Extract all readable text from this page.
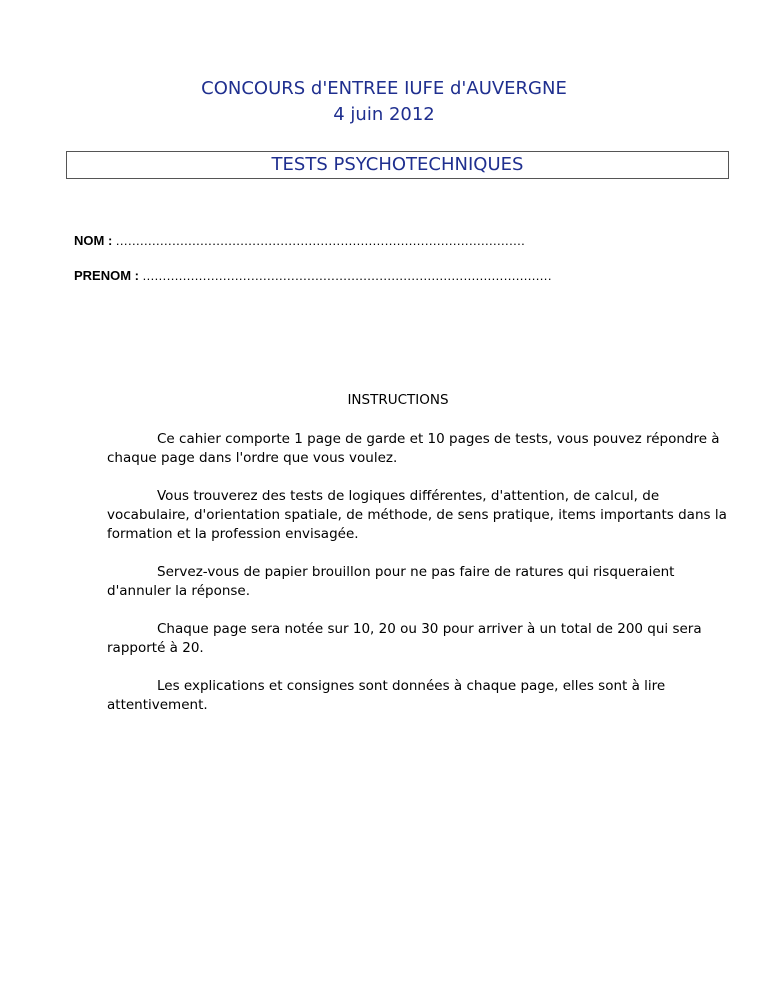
CONCOURS d'ENTREE IUFE d'AUVERGNE
4 juin 2012
TESTS PSYCHOTECHNIQUES
NOM : ......................................................................................................
PRENOM : ......................................................................................................
INSTRUCTIONS

Ce cahier comporte 1 page de garde et 10 pages de tests, vous pouvez répondre à chaque page dans l'ordre que vous voulez.

Vous trouverez des tests de logiques différentes, d'attention, de calcul, de vocabulaire, d'orientation spatiale, de méthode, de sens pratique, items importants dans la formation et la profession envisagée.

Servez-vous de papier brouillon pour ne pas faire de ratures qui risqueraient d'annuler la réponse.

Chaque page sera notée sur 10, 20 ou 30 pour arriver à un total de 200 qui sera rapporté à 20.

Les explications et consignes sont données à chaque page, elles sont à lire attentivement.
